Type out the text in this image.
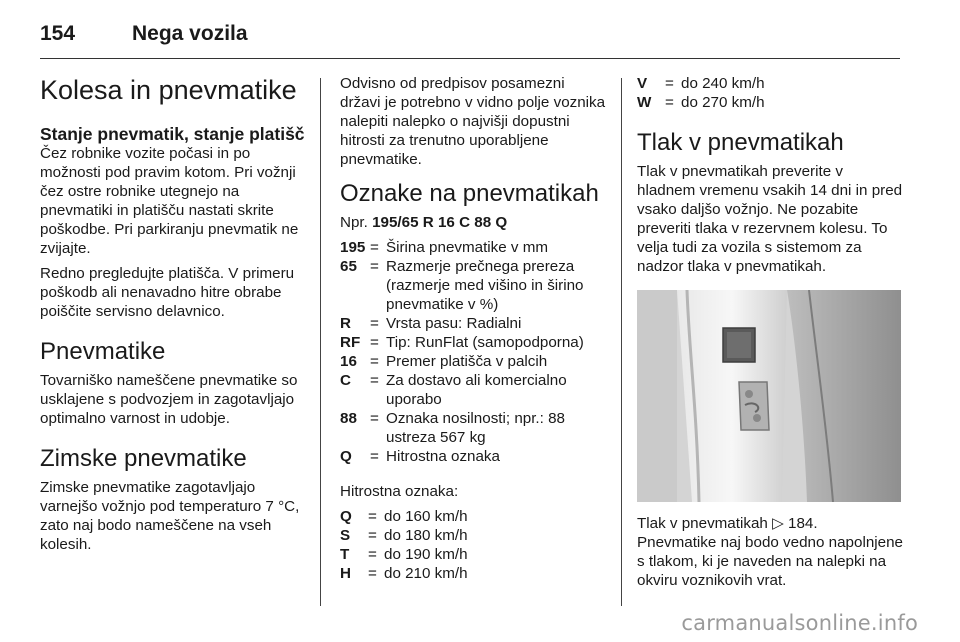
154	Nega vozila
Kolesa in pnevmatike
Stanje pnevmatik, stanje platišč

Čez robnike vozite počasi in po možnosti pod pravim kotom. Pri vožnji čez ostre robnike utegnejo na pnevmatiki in platišču nastati skrite poškodbe. Pri parkiranju pnevmatik ne zvijajte.

Redno pregledujte platišča. V primeru poškodb ali nenavadno hitre obrabe poiščite servisno delavnico.

Pnevmatike

Tovarniško nameščene pnevmatike so usklajene s podvozjem in zagotavljajo optimalno varnost in udobje.

Zimske pnevmatike

Zimske pnevmatike zagotavljajo varnejšo vožnjo pod temperaturo 7 °C, zato naj bodo nameščene na vseh kolesih.

Odvisno od predpisov posamezni državi je potrebno v vidno polje voznika nalepiti nalepko o najvišji dopustni hitrosti za trenutno uporabljene pnevmatike.

Oznake na pnevmatikah

Npr. 195/65 R 16 C 88 Q

195 = Širina pnevmatike v mm
65 = Razmerje prečnega prereza (razmerje med višino in širino pnevmatike v %)
R	= Vrsta pasu: Radialni
RF = Tip: RunFlat (samopodporna)
16 = Premer platišča v palcih
C	= Za dostavo ali komercialno uporabo
88 = Oznaka nosilnosti; npr.: 88 ustreza 567 kg
Q	= Hitrostna oznaka

Hitrostna oznaka:

Q	= do 160 km/h
S	= do 180 km/h
T	= do 190 km/h
H	= do 210 km/h
V	= do 240 km/h
W = do 270 km/h
Tlak v pnevmatikah

Tlak v pnevmatikah preverite v hladnem vremenu vsakih 14 dni in pred vsako daljšo vožnjo. Ne pozabite preveriti tlaka v rezervnem kolesu. To velja tudi za vozila s sistemom za nadzor tlaka v pnevmatikah.

Tlak v pnevmatikah ▷ 184.
Pnevmatike naj bodo vedno napolnjene s tlakom, ki je naveden na nalepki na okviru voznikovih vrat.

carmanualsonline.info
